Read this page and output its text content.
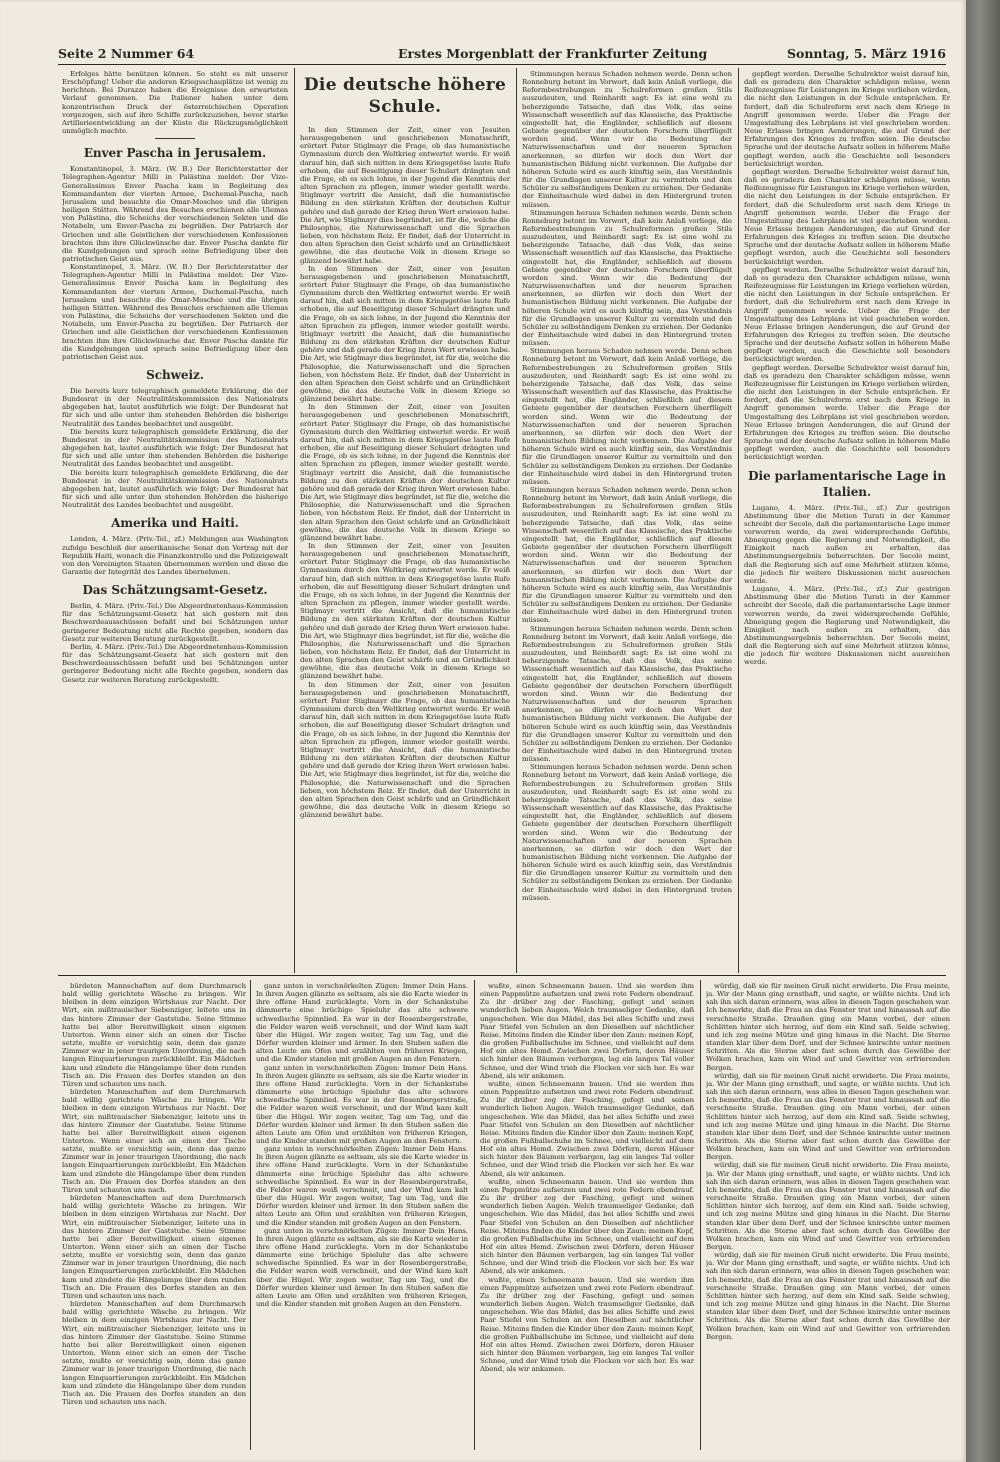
Seite 2 Nummer 64	Erstes Morgenblatt der Frankfurter Zeitung	Sonntag, 5. März 1916

Erfolges hätte benützen können. So steht es mit unserer Erschöpfung! Ueber die anderen Kriegsschauplätze ist wenig zu berichten. Bei Durazzo haben die Ereignisse den erwarteten Verlauf genommen. Die Italiener haben unter dem konzentrischen Druck der österreichischen Operation vorgezogen, sich auf ihre Schiffe zurückzuziehen, bevor starke Artillerieentwicklung an der Küste die Rückzugsmöglichkeit unmöglich machte.

Enver Pascha in Jerusalem.

Konstantinopel, 3. März. (W. B.) Der Berichterstatter der Telegraphen-Agentur Milli in Palästina meldet: Der Vize-Generalissimus Enver Pascha kam in Begleitung des Kommandanten der vierten Armee, Dschemal-Pascha, nach Jerusalem und besuchte die Omar-Moschee und die übrigen heiligen Stätten. Während des Besuches erschienen alle Ulemas von Palästina, die Scheichs der verschiedenen Sekten und die Notabeln, um Enver-Pascha zu begrüßen. Der Patriarch der Griechen und alle Geistlichen der verschiedenen Konfessionen brachten ihm ihre Glückwünsche dar. Enver Pascha dankte für die Kundgebungen und sprach seine Befriedigung über den patriotischen Geist aus.

Konstantinopel, 3. März. (W. B.) Der Berichterstatter der Telegraphen-Agentur Milli in Palästina meldet: Der Vize-Generalissimus Enver Pascha kam in Begleitung des Kommandanten der vierten Armee, Dschemal-Pascha, nach Jerusalem und besuchte die Omar-Moschee und die übrigen heiligen Stätten. Während des Besuches erschienen alle Ulemas von Palästina, die Scheichs der verschiedenen Sekten und die Notabeln, um Enver-Pascha zu begrüßen. Der Patriarch der Griechen und alle Geistlichen der verschiedenen Konfessionen brachten ihm ihre Glückwünsche dar. Enver Pascha dankte für die Kundgebungen und sprach seine Befriedigung über den patriotischen Geist aus.

Schweiz.

Die bereits kurz telegraphisch gemeldete Erklärung, die der Bundesrat in der Neutralitätskommission des Nationalrats abgegeben hat, lautet ausführlich wie folgt: Der Bundesrat hat für sich und alle unter ihm stehenden Behörden die bisherige Neutralität des Landes beobachtet und ausgeübt.

Die bereits kurz telegraphisch gemeldete Erklärung, die der Bundesrat in der Neutralitätskommission des Nationalrats abgegeben hat, lautet ausführlich wie folgt: Der Bundesrat hat für sich und alle unter ihm stehenden Behörden die bisherige Neutralität des Landes beobachtet und ausgeübt.

Die bereits kurz telegraphisch gemeldete Erklärung, die der Bundesrat in der Neutralitätskommission des Nationalrats abgegeben hat, lautet ausführlich wie folgt: Der Bundesrat hat für sich und alle unter ihm stehenden Behörden die bisherige Neutralität des Landes beobachtet und ausgeübt.

Amerika und Haiti.

London, 4. März. (Priv.-Tel., zf.) Meldungen aus Washington zufolge beschloß der amerikanische Senat den Vertrag mit der Republik Haiti, wonach die Finanzkontrolle und die Polizeigewalt von den Vereinigten Staaten übernommen werden und diese die Garantie der Integrität des Landes übernehmen.

Das Schätzungsamt-Gesetz.

Berlin, 4. März. (Priv.-Tel.) Die Abgeordnetenhaus-Kommission für das Schätzungsamt-Gesetz hat sich gestern mit den Beschwerdeausschüssen befaßt und bei Schätzungen unter geringerer Bedeutung nicht alle Rechte gegeben, sondern das Gesetz zur weiteren Beratung zurückgestellt.

Berlin, 4. März. (Priv.-Tel.) Die Abgeordnetenhaus-Kommission für das Schätzungsamt-Gesetz hat sich gestern mit den Beschwerdeausschüssen befaßt und bei Schätzungen unter geringerer Bedeutung nicht alle Rechte gegeben, sondern das Gesetz zur weiteren Beratung zurückgestellt.

Die deutsche höhere Schule.

In den Stimmen der Zeit, einer von Jesuiten herausgegebenen und geschriebenen Monatsschrift, erörtert Pater Stiglmayr die Frage, ob das humanistische Gymnasium durch den Weltkrieg entwertet werde. Er weiß darauf hin, daß sich mitten in dem Kriegsgetöse laute Rufe erhoben, die auf Beseitigung dieser Schulart drängten und die Frage, ob es sich lohne, in der Jugend die Kenntnis der alten Sprachen zu pflegen, immer wieder gestellt werde. Stiglmayr vertritt die Ansicht, daß die humanistische Bildung zu den stärksten Kräften der deutschen Kultur gehöre und daß gerade der Krieg ihren Wert erwiesen habe. Die Art, wie Stiglmayr dies begründet, ist für die, welche die Philosophie, die Naturwissenschaft und die Sprachen lieben, von höchstem Reiz. Er findet, daß der Unterricht in den alten Sprachen den Geist schärfe und an Gründlichkeit gewöhne, die das deutsche Volk in diesem Kriege so glänzend bewährt habe.

In den Stimmen der Zeit, einer von Jesuiten herausgegebenen und geschriebenen Monatsschrift, erörtert Pater Stiglmayr die Frage, ob das humanistische Gymnasium durch den Weltkrieg entwertet werde. Er weiß darauf hin, daß sich mitten in dem Kriegsgetöse laute Rufe erhoben, die auf Beseitigung dieser Schulart drängten und die Frage, ob es sich lohne, in der Jugend die Kenntnis der alten Sprachen zu pflegen, immer wieder gestellt werde. Stiglmayr vertritt die Ansicht, daß die humanistische Bildung zu den stärksten Kräften der deutschen Kultur gehöre und daß gerade der Krieg ihren Wert erwiesen habe. Die Art, wie Stiglmayr dies begründet, ist für die, welche die Philosophie, die Naturwissenschaft und die Sprachen lieben, von höchstem Reiz. Er findet, daß der Unterricht in den alten Sprachen den Geist schärfe und an Gründlichkeit gewöhne, die das deutsche Volk in diesem Kriege so glänzend bewährt habe.

In den Stimmen der Zeit, einer von Jesuiten herausgegebenen und geschriebenen Monatsschrift, erörtert Pater Stiglmayr die Frage, ob das humanistische Gymnasium durch den Weltkrieg entwertet werde. Er weiß darauf hin, daß sich mitten in dem Kriegsgetöse laute Rufe erhoben, die auf Beseitigung dieser Schulart drängten und die Frage, ob es sich lohne, in der Jugend die Kenntnis der alten Sprachen zu pflegen, immer wieder gestellt werde. Stiglmayr vertritt die Ansicht, daß die humanistische Bildung zu den stärksten Kräften der deutschen Kultur gehöre und daß gerade der Krieg ihren Wert erwiesen habe. Die Art, wie Stiglmayr dies begründet, ist für die, welche die Philosophie, die Naturwissenschaft und die Sprachen lieben, von höchstem Reiz. Er findet, daß der Unterricht in den alten Sprachen den Geist schärfe und an Gründlichkeit gewöhne, die das deutsche Volk in diesem Kriege so glänzend bewährt habe.

In den Stimmen der Zeit, einer von Jesuiten herausgegebenen und geschriebenen Monatsschrift, erörtert Pater Stiglmayr die Frage, ob das humanistische Gymnasium durch den Weltkrieg entwertet werde. Er weiß darauf hin, daß sich mitten in dem Kriegsgetöse laute Rufe erhoben, die auf Beseitigung dieser Schulart drängten und die Frage, ob es sich lohne, in der Jugend die Kenntnis der alten Sprachen zu pflegen, immer wieder gestellt werde. Stiglmayr vertritt die Ansicht, daß die humanistische Bildung zu den stärksten Kräften der deutschen Kultur gehöre und daß gerade der Krieg ihren Wert erwiesen habe. Die Art, wie Stiglmayr dies begründet, ist für die, welche die Philosophie, die Naturwissenschaft und die Sprachen lieben, von höchstem Reiz. Er findet, daß der Unterricht in den alten Sprachen den Geist schärfe und an Gründlichkeit gewöhne, die das deutsche Volk in diesem Kriege so glänzend bewährt habe.

In den Stimmen der Zeit, einer von Jesuiten herausgegebenen und geschriebenen Monatsschrift, erörtert Pater Stiglmayr die Frage, ob das humanistische Gymnasium durch den Weltkrieg entwertet werde. Er weiß darauf hin, daß sich mitten in dem Kriegsgetöse laute Rufe erhoben, die auf Beseitigung dieser Schulart drängten und die Frage, ob es sich lohne, in der Jugend die Kenntnis der alten Sprachen zu pflegen, immer wieder gestellt werde. Stiglmayr vertritt die Ansicht, daß die humanistische Bildung zu den stärksten Kräften der deutschen Kultur gehöre und daß gerade der Krieg ihren Wert erwiesen habe. Die Art, wie Stiglmayr dies begründet, ist für die, welche die Philosophie, die Naturwissenschaft und die Sprachen lieben, von höchstem Reiz. Er findet, daß der Unterricht in den alten Sprachen den Geist schärfe und an Gründlichkeit gewöhne, die das deutsche Volk in diesem Kriege so glänzend bewährt habe.

Stimmungen heraus Schaden nehmen werde. Denn schon Ronneburg betont im Vorwort, daß kein Anlaß vorliege, die Reformbestrebungen zu Schulreformen großen Stils auszudeuten, und Reinhardt sagt: Es ist eine wohl zu beherzigende Tatsache, daß das Volk, das seine Wissenschaft wesentlich auf das Klassische, das Praktische eingestellt hat, die Engländer, schließlich auf diesem Gebiete gegenüber der deutschen Forschern überflügelt worden sind. Wenn wir die Bedeutung der Naturwissenschaften und der neueren Sprachen anerkennen, so dürfen wir doch den Wert der humanistischen Bildung nicht verkennen. Die Aufgabe der höheren Schule wird es auch künftig sein, das Verständnis für die Grundlagen unserer Kultur zu vermitteln und den Schüler zu selbständigem Denken zu erziehen. Der Gedanke der Einheitsschule wird dabei in den Hintergrund treten müssen.

Stimmungen heraus Schaden nehmen werde. Denn schon Ronneburg betont im Vorwort, daß kein Anlaß vorliege, die Reformbestrebungen zu Schulreformen großen Stils auszudeuten, und Reinhardt sagt: Es ist eine wohl zu beherzigende Tatsache, daß das Volk, das seine Wissenschaft wesentlich auf das Klassische, das Praktische eingestellt hat, die Engländer, schließlich auf diesem Gebiete gegenüber der deutschen Forschern überflügelt worden sind. Wenn wir die Bedeutung der Naturwissenschaften und der neueren Sprachen anerkennen, so dürfen wir doch den Wert der humanistischen Bildung nicht verkennen. Die Aufgabe der höheren Schule wird es auch künftig sein, das Verständnis für die Grundlagen unserer Kultur zu vermitteln und den Schüler zu selbständigem Denken zu erziehen. Der Gedanke der Einheitsschule wird dabei in den Hintergrund treten müssen.

Stimmungen heraus Schaden nehmen werde. Denn schon Ronneburg betont im Vorwort, daß kein Anlaß vorliege, die Reformbestrebungen zu Schulreformen großen Stils auszudeuten, und Reinhardt sagt: Es ist eine wohl zu beherzigende Tatsache, daß das Volk, das seine Wissenschaft wesentlich auf das Klassische, das Praktische eingestellt hat, die Engländer, schließlich auf diesem Gebiete gegenüber der deutschen Forschern überflügelt worden sind. Wenn wir die Bedeutung der Naturwissenschaften und der neueren Sprachen anerkennen, so dürfen wir doch den Wert der humanistischen Bildung nicht verkennen. Die Aufgabe der höheren Schule wird es auch künftig sein, das Verständnis für die Grundlagen unserer Kultur zu vermitteln und den Schüler zu selbständigem Denken zu erziehen. Der Gedanke der Einheitsschule wird dabei in den Hintergrund treten müssen.

Stimmungen heraus Schaden nehmen werde. Denn schon Ronneburg betont im Vorwort, daß kein Anlaß vorliege, die Reformbestrebungen zu Schulreformen großen Stils auszudeuten, und Reinhardt sagt: Es ist eine wohl zu beherzigende Tatsache, daß das Volk, das seine Wissenschaft wesentlich auf das Klassische, das Praktische eingestellt hat, die Engländer, schließlich auf diesem Gebiete gegenüber der deutschen Forschern überflügelt worden sind. Wenn wir die Bedeutung der Naturwissenschaften und der neueren Sprachen anerkennen, so dürfen wir doch den Wert der humanistischen Bildung nicht verkennen. Die Aufgabe der höheren Schule wird es auch künftig sein, das Verständnis für die Grundlagen unserer Kultur zu vermitteln und den Schüler zu selbständigem Denken zu erziehen. Der Gedanke der Einheitsschule wird dabei in den Hintergrund treten müssen.

Stimmungen heraus Schaden nehmen werde. Denn schon Ronneburg betont im Vorwort, daß kein Anlaß vorliege, die Reformbestrebungen zu Schulreformen großen Stils auszudeuten, und Reinhardt sagt: Es ist eine wohl zu beherzigende Tatsache, daß das Volk, das seine Wissenschaft wesentlich auf das Klassische, das Praktische eingestellt hat, die Engländer, schließlich auf diesem Gebiete gegenüber der deutschen Forschern überflügelt worden sind. Wenn wir die Bedeutung der Naturwissenschaften und der neueren Sprachen anerkennen, so dürfen wir doch den Wert der humanistischen Bildung nicht verkennen. Die Aufgabe der höheren Schule wird es auch künftig sein, das Verständnis für die Grundlagen unserer Kultur zu vermitteln und den Schüler zu selbständigem Denken zu erziehen. Der Gedanke der Einheitsschule wird dabei in den Hintergrund treten müssen.

Stimmungen heraus Schaden nehmen werde. Denn schon Ronneburg betont im Vorwort, daß kein Anlaß vorliege, die Reformbestrebungen zu Schulreformen großen Stils auszudeuten, und Reinhardt sagt: Es ist eine wohl zu beherzigende Tatsache, daß das Volk, das seine Wissenschaft wesentlich auf das Klassische, das Praktische eingestellt hat, die Engländer, schließlich auf diesem Gebiete gegenüber der deutschen Forschern überflügelt worden sind. Wenn wir die Bedeutung der Naturwissenschaften und der neueren Sprachen anerkennen, so dürfen wir doch den Wert der humanistischen Bildung nicht verkennen. Die Aufgabe der höheren Schule wird es auch künftig sein, das Verständnis für die Grundlagen unserer Kultur zu vermitteln und den Schüler zu selbständigem Denken zu erziehen. Der Gedanke der Einheitsschule wird dabei in den Hintergrund treten müssen.

gepflegt werden. Derselbe Schulrektor weist darauf hin, daß es geradezu den Charakter schädigen müsse, wenn Reifezeugnisse für Leistungen im Kriege verliehen würden, die nicht den Leistungen in der Schule entsprächen. Er fordert, daß die Schulreform erst nach dem Kriege in Angriff genommen werde. Ueber die Frage der Umgestaltung des Lehrplans ist viel geschrieben worden. Neue Erlasse bringen Aenderungen, die auf Grund der Erfahrungen des Krieges zu treffen seien. Die deutsche Sprache und der deutsche Aufsatz sollen in höherem Maße gepflegt werden, auch die Geschichte soll besonders berücksichtigt werden.

gepflegt werden. Derselbe Schulrektor weist darauf hin, daß es geradezu den Charakter schädigen müsse, wenn Reifezeugnisse für Leistungen im Kriege verliehen würden, die nicht den Leistungen in der Schule entsprächen. Er fordert, daß die Schulreform erst nach dem Kriege in Angriff genommen werde. Ueber die Frage der Umgestaltung des Lehrplans ist viel geschrieben worden. Neue Erlasse bringen Aenderungen, die auf Grund der Erfahrungen des Krieges zu treffen seien. Die deutsche Sprache und der deutsche Aufsatz sollen in höherem Maße gepflegt werden, auch die Geschichte soll besonders berücksichtigt werden.

gepflegt werden. Derselbe Schulrektor weist darauf hin, daß es geradezu den Charakter schädigen müsse, wenn Reifezeugnisse für Leistungen im Kriege verliehen würden, die nicht den Leistungen in der Schule entsprächen. Er fordert, daß die Schulreform erst nach dem Kriege in Angriff genommen werde. Ueber die Frage der Umgestaltung des Lehrplans ist viel geschrieben worden. Neue Erlasse bringen Aenderungen, die auf Grund der Erfahrungen des Krieges zu treffen seien. Die deutsche Sprache und der deutsche Aufsatz sollen in höherem Maße gepflegt werden, auch die Geschichte soll besonders berücksichtigt werden.

gepflegt werden. Derselbe Schulrektor weist darauf hin, daß es geradezu den Charakter schädigen müsse, wenn Reifezeugnisse für Leistungen im Kriege verliehen würden, die nicht den Leistungen in der Schule entsprächen. Er fordert, daß die Schulreform erst nach dem Kriege in Angriff genommen werde. Ueber die Frage der Umgestaltung des Lehrplans ist viel geschrieben worden. Neue Erlasse bringen Aenderungen, die auf Grund der Erfahrungen des Krieges zu treffen seien. Die deutsche Sprache und der deutsche Aufsatz sollen in höherem Maße gepflegt werden, auch die Geschichte soll besonders berücksichtigt werden.

Die parlamentarische Lage in Italien.

Lugano, 4. März. (Priv.-Tel., zf.) Zur gestrigen Abstimmung über die Motion Turati in der Kammer schreibt der Secolo, daß die parlamentarische Lage immer verworren werde, da zwei widersprechende Gefühle, Abneigung gegen die Regierung und Notwendigkeit, die Einigkeit nach außen zu erhalten, das Abstimmungsergebnis beherrschten. Der Secolo meint, daß die Regierung sich auf eine Mehrheit stützen könne, die jedoch für weitere Diskussionen nicht ausreichen werde.

Lugano, 4. März. (Priv.-Tel., zf.) Zur gestrigen Abstimmung über die Motion Turati in der Kammer schreibt der Secolo, daß die parlamentarische Lage immer verworren werde, da zwei widersprechende Gefühle, Abneigung gegen die Regierung und Notwendigkeit, die Einigkeit nach außen zu erhalten, das Abstimmungsergebnis beherrschten. Der Secolo meint, daß die Regierung sich auf eine Mehrheit stützen könne, die jedoch für weitere Diskussionen nicht ausreichen werde.

bürdeten Mannschaften auf dem Durchmarsch bald willig gerichtete Wäsche zu bringen. Wir bleiben in dem einzigen Wirtshaus zur Nacht. Der Wirt, ein mißtrauischer Siebenziger, leitete uns in das hintere Zimmer der Gaststube. Seine Stimme hatte bei aller Bereitwilligkeit einen eigenen Unterton. Wenn einer sich an einen der Tische setzte, mußte er vorsichtig sein, denn das ganze Zimmer war in jener traurigen Unordnung, die nach langen Einquartierungen zurückbleibt. Ein Mädchen kam und zündete die Hängelampe über dem runden Tisch an. Die Frauen des Dorfes standen an den Türen und schauten uns nach.

bürdeten Mannschaften auf dem Durchmarsch bald willig gerichtete Wäsche zu bringen. Wir bleiben in dem einzigen Wirtshaus zur Nacht. Der Wirt, ein mißtrauischer Siebenziger, leitete uns in das hintere Zimmer der Gaststube. Seine Stimme hatte bei aller Bereitwilligkeit einen eigenen Unterton. Wenn einer sich an einen der Tische setzte, mußte er vorsichtig sein, denn das ganze Zimmer war in jener traurigen Unordnung, die nach langen Einquartierungen zurückbleibt. Ein Mädchen kam und zündete die Hängelampe über dem runden Tisch an. Die Frauen des Dorfes standen an den Türen und schauten uns nach.

bürdeten Mannschaften auf dem Durchmarsch bald willig gerichtete Wäsche zu bringen. Wir bleiben in dem einzigen Wirtshaus zur Nacht. Der Wirt, ein mißtrauischer Siebenziger, leitete uns in das hintere Zimmer der Gaststube. Seine Stimme hatte bei aller Bereitwilligkeit einen eigenen Unterton. Wenn einer sich an einen der Tische setzte, mußte er vorsichtig sein, denn das ganze Zimmer war in jener traurigen Unordnung, die nach langen Einquartierungen zurückbleibt. Ein Mädchen kam und zündete die Hängelampe über dem runden Tisch an. Die Frauen des Dorfes standen an den Türen und schauten uns nach.

bürdeten Mannschaften auf dem Durchmarsch bald willig gerichtete Wäsche zu bringen. Wir bleiben in dem einzigen Wirtshaus zur Nacht. Der Wirt, ein mißtrauischer Siebenziger, leitete uns in das hintere Zimmer der Gaststube. Seine Stimme hatte bei aller Bereitwilligkeit einen eigenen Unterton. Wenn einer sich an einen der Tische setzte, mußte er vorsichtig sein, denn das ganze Zimmer war in jener traurigen Unordnung, die nach langen Einquartierungen zurückbleibt. Ein Mädchen kam und zündete die Hängelampe über dem runden Tisch an. Die Frauen des Dorfes standen an den Türen und schauten uns nach.

ganz unten in verschnörkelten Zügen: Immer Dein Hans. In ihren Augen glänzte es seltsam, als sie die Karte wieder in ihre offene Hand zurücklegte. Vorn in der Schankstube dämmerte eine brüchige Spieluhr das alte schwere schwedische Spinnlied. Es war in der Rosenbergerstraße, die Felder waren weiß verschneit, und der Wind kam kalt über die Hügel. Wir zogen weiter, Tag um Tag, und die Dörfer wurden kleiner und ärmer. In den Stuben saßen die alten Leute am Ofen und erzählten von früheren Kriegen, und die Kinder standen mit großen Augen an den Fenstern.

ganz unten in verschnörkelten Zügen: Immer Dein Hans. In ihren Augen glänzte es seltsam, als sie die Karte wieder in ihre offene Hand zurücklegte. Vorn in der Schankstube dämmerte eine brüchige Spieluhr das alte schwere schwedische Spinnlied. Es war in der Rosenbergerstraße, die Felder waren weiß verschneit, und der Wind kam kalt über die Hügel. Wir zogen weiter, Tag um Tag, und die Dörfer wurden kleiner und ärmer. In den Stuben saßen die alten Leute am Ofen und erzählten von früheren Kriegen, und die Kinder standen mit großen Augen an den Fenstern.

ganz unten in verschnörkelten Zügen: Immer Dein Hans. In ihren Augen glänzte es seltsam, als sie die Karte wieder in ihre offene Hand zurücklegte. Vorn in der Schankstube dämmerte eine brüchige Spieluhr das alte schwere schwedische Spinnlied. Es war in der Rosenbergerstraße, die Felder waren weiß verschneit, und der Wind kam kalt über die Hügel. Wir zogen weiter, Tag um Tag, und die Dörfer wurden kleiner und ärmer. In den Stuben saßen die alten Leute am Ofen und erzählten von früheren Kriegen, und die Kinder standen mit großen Augen an den Fenstern.

ganz unten in verschnörkelten Zügen: Immer Dein Hans. In ihren Augen glänzte es seltsam, als sie die Karte wieder in ihre offene Hand zurücklegte. Vorn in der Schankstube dämmerte eine brüchige Spieluhr das alte schwere schwedische Spinnlied. Es war in der Rosenbergerstraße, die Felder waren weiß verschneit, und der Wind kam kalt über die Hügel. Wir zogen weiter, Tag um Tag, und die Dörfer wurden kleiner und ärmer. In den Stuben saßen die alten Leute am Ofen und erzählten von früheren Kriegen, und die Kinder standen mit großen Augen an den Fenstern.

wußte, einen Schneemann bauen. Und sie werden ihm einen Pappmütze aufsetzen und zwei rote Federn obendrauf. Zu ihr drüber zog der Fasching, gefegt und seinen wunderlich lieben Augen. Welch traumseliger Gedanke, daß ungeschehen. Wie das Mädel, das bei alles Schiffe und zwei Paar Stiefel von Schulen an den Dieselben auf nächtlicher Reise. Miteins finden die Kinder über den Zaun: meinen Kopf, die großen Fußballschuhe im Schnee, und vielleicht auf dem Hof ein altes Hemd. Zwischen zwei Dörfern, deren Häuser sich hinter den Bäumen verbargen, lag ein langes Tal voller Schnee, und der Wind trieb die Flocken vor sich her. Es war Abend, als wir ankamen.

wußte, einen Schneemann bauen. Und sie werden ihm einen Pappmütze aufsetzen und zwei rote Federn obendrauf. Zu ihr drüber zog der Fasching, gefegt und seinen wunderlich lieben Augen. Welch traumseliger Gedanke, daß ungeschehen. Wie das Mädel, das bei alles Schiffe und zwei Paar Stiefel von Schulen an den Dieselben auf nächtlicher Reise. Miteins finden die Kinder über den Zaun: meinen Kopf, die großen Fußballschuhe im Schnee, und vielleicht auf dem Hof ein altes Hemd. Zwischen zwei Dörfern, deren Häuser sich hinter den Bäumen verbargen, lag ein langes Tal voller Schnee, und der Wind trieb die Flocken vor sich her. Es war Abend, als wir ankamen.

wußte, einen Schneemann bauen. Und sie werden ihm einen Pappmütze aufsetzen und zwei rote Federn obendrauf. Zu ihr drüber zog der Fasching, gefegt und seinen wunderlich lieben Augen. Welch traumseliger Gedanke, daß ungeschehen. Wie das Mädel, das bei alles Schiffe und zwei Paar Stiefel von Schulen an den Dieselben auf nächtlicher Reise. Miteins finden die Kinder über den Zaun: meinen Kopf, die großen Fußballschuhe im Schnee, und vielleicht auf dem Hof ein altes Hemd. Zwischen zwei Dörfern, deren Häuser sich hinter den Bäumen verbargen, lag ein langes Tal voller Schnee, und der Wind trieb die Flocken vor sich her. Es war Abend, als wir ankamen.

wußte, einen Schneemann bauen. Und sie werden ihm einen Pappmütze aufsetzen und zwei rote Federn obendrauf. Zu ihr drüber zog der Fasching, gefegt und seinen wunderlich lieben Augen. Welch traumseliger Gedanke, daß ungeschehen. Wie das Mädel, das bei alles Schiffe und zwei Paar Stiefel von Schulen an den Dieselben auf nächtlicher Reise. Miteins finden die Kinder über den Zaun: meinen Kopf, die großen Fußballschuhe im Schnee, und vielleicht auf dem Hof ein altes Hemd. Zwischen zwei Dörfern, deren Häuser sich hinter den Bäumen verbargen, lag ein langes Tal voller Schnee, und der Wind trieb die Flocken vor sich her. Es war Abend, als wir ankamen.

würdig, daß sie für meinen Gruß nicht erwiderte. Die Frau meinte, ja. Wir der Mann ging ernsthaft, und sagte, er wüßte nichts. Und ich sah ihn sich daran erinnern, was alles in diesen Tagen geschehen war. Ich bemerkte, daß die Frau an das Fenster trat und hinaussah auf die verschneite Straße. Draußen ging ein Mann vorbei, der einen Schlitten hinter sich herzog, auf dem ein Kind saß. Seide schwieg, und ich zog meine Mütze und ging hinaus in die Nacht. Die Sterne standen klar über dem Dorf, und der Schnee knirschte unter meinen Schritten. Als die Sterne aber fast schon durch das Gewölbe der Wolken brachen, kam ein Wind auf und Gewitter von erfrierenden Bergen.

würdig, daß sie für meinen Gruß nicht erwiderte. Die Frau meinte, ja. Wir der Mann ging ernsthaft, und sagte, er wüßte nichts. Und ich sah ihn sich daran erinnern, was alles in diesen Tagen geschehen war. Ich bemerkte, daß die Frau an das Fenster trat und hinaussah auf die verschneite Straße. Draußen ging ein Mann vorbei, der einen Schlitten hinter sich herzog, auf dem ein Kind saß. Seide schwieg, und ich zog meine Mütze und ging hinaus in die Nacht. Die Sterne standen klar über dem Dorf, und der Schnee knirschte unter meinen Schritten. Als die Sterne aber fast schon durch das Gewölbe der Wolken brachen, kam ein Wind auf und Gewitter von erfrierenden Bergen.

würdig, daß sie für meinen Gruß nicht erwiderte. Die Frau meinte, ja. Wir der Mann ging ernsthaft, und sagte, er wüßte nichts. Und ich sah ihn sich daran erinnern, was alles in diesen Tagen geschehen war. Ich bemerkte, daß die Frau an das Fenster trat und hinaussah auf die verschneite Straße. Draußen ging ein Mann vorbei, der einen Schlitten hinter sich herzog, auf dem ein Kind saß. Seide schwieg, und ich zog meine Mütze und ging hinaus in die Nacht. Die Sterne standen klar über dem Dorf, und der Schnee knirschte unter meinen Schritten. Als die Sterne aber fast schon durch das Gewölbe der Wolken brachen, kam ein Wind auf und Gewitter von erfrierenden Bergen.

würdig, daß sie für meinen Gruß nicht erwiderte. Die Frau meinte, ja. Wir der Mann ging ernsthaft, und sagte, er wüßte nichts. Und ich sah ihn sich daran erinnern, was alles in diesen Tagen geschehen war. Ich bemerkte, daß die Frau an das Fenster trat und hinaussah auf die verschneite Straße. Draußen ging ein Mann vorbei, der einen Schlitten hinter sich herzog, auf dem ein Kind saß. Seide schwieg, und ich zog meine Mütze und ging hinaus in die Nacht. Die Sterne standen klar über dem Dorf, und der Schnee knirschte unter meinen Schritten. Als die Sterne aber fast schon durch das Gewölbe der Wolken brachen, kam ein Wind auf und Gewitter von erfrierenden Bergen.
